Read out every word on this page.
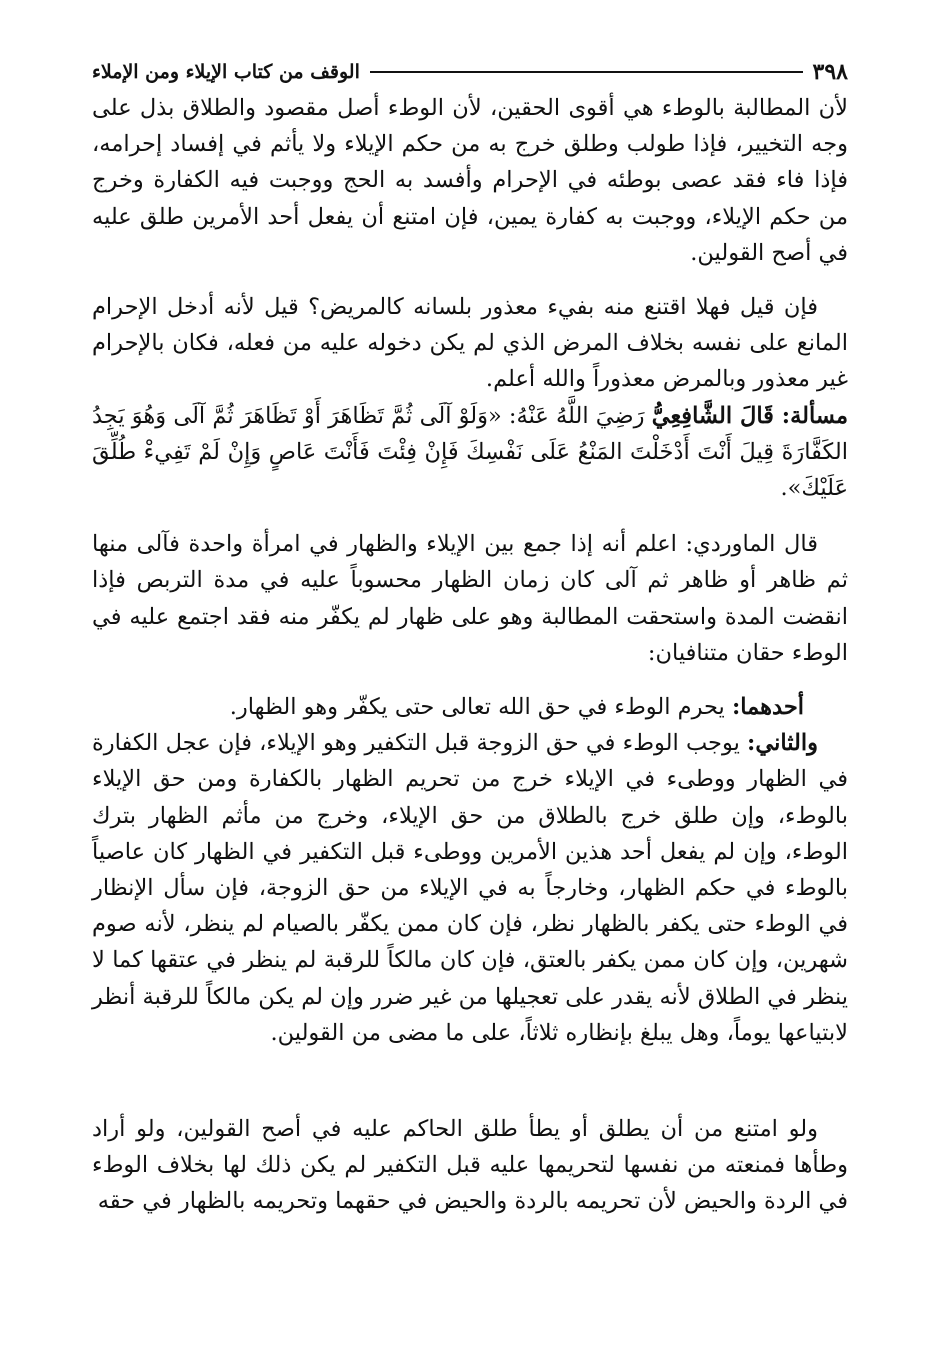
٣٩٨
الوقف من كتاب الإيلاء ومن الإملاء

لأن المطالبة بالوطء هي أقوى الحقين، لأن الوطء أصل مقصود والطلاق بذل على وجه التخيير، فإذا طولب وطلق خرج به من حكم الإيلاء ولا يأثم في إفساد إحرامه، فإذا فاء فقد عصى بوطئه في الإحرام وأفسد به الحج ووجبت فيه الكفارة وخرج من حكم الإيلاء، ووجبت به كفارة يمين، فإن امتنع أن يفعل أحد الأمرين طلق عليه في أصح القولين.

فإن قيل فهلا اقتنع منه بفيء معذور بلسانه كالمريض؟ قيل لأنه أدخل الإحرام المانع على نفسه بخلاف المرض الذي لم يكن دخوله عليه من فعله، فكان بالإحرام غير معذور وبالمرض معذوراً والله أعلم.

مسألة: قَالَ الشَّافِعِيُّ رَضِيَ اللَّهُ عَنْهُ: «وَلَوْ آلَى ثُمَّ تَظَاهَرَ أَوْ تَظَاهَرَ ثُمَّ آلَى وَهُوَ يَجِدُ الكَفَّارَةَ قِيلَ أَنْتَ أَدْخَلْتَ المَنْعُ عَلَى نَفْسِكَ فَإِنْ فِئْتَ فَأَنْتَ عَاصٍ وَإِنْ لَمْ تَفِيءْ طُلِّقَ عَلَيْكَ».

قال الماوردي: اعلم أنه إذا جمع بين الإيلاء والظهار في امرأة واحدة فآلى منها ثم ظاهر أو ظاهر ثم آلى كان زمان الظهار محسوباً عليه في مدة التربص فإذا انقضت المدة واستحقت المطالبة وهو على ظهار لم يكفّر منه فقد اجتمع عليه في الوطء حقان متنافيان:

أحدهما: يحرم الوطء في حق الله تعالى حتى يكفّر وهو الظهار.

والثاني: يوجب الوطء في حق الزوجة قبل التكفير وهو الإيلاء، فإن عجل الكفارة في الظهار ووطىء في الإيلاء خرج من تحريم الظهار بالكفارة ومن حق الإيلاء بالوطء، وإن طلق خرج بالطلاق من حق الإيلاء، وخرج من مأثم الظهار بترك الوطء، وإن لم يفعل أحد هذين الأمرين ووطىء قبل التكفير في الظهار كان عاصياً بالوطء في حكم الظهار، وخارجاً به في الإيلاء من حق الزوجة، فإن سأل الإنظار في الوطء حتى يكفر بالظهار نظر، فإن كان ممن يكفّر بالصيام لم ينظر، لأنه صوم شهرين، وإن كان ممن يكفر بالعتق، فإن كان مالكاً للرقبة لم ينظر في عتقها كما لا ينظر في الطلاق لأنه يقدر على تعجيلها من غير ضرر وإن لم يكن مالكاً للرقبة أنظر لابتياعها يوماً، وهل يبلغ بإنظاره ثلاثاً، على ما مضى من القولين.

ولو امتنع من أن يطلق أو يطأ طلق الحاكم عليه في أصح القولين، ولو أراد وطأها فمنعته من نفسها لتحريمها عليه قبل التكفير لم يكن ذلك لها بخلاف الوطء في الردة والحيض لأن تحريمه بالردة والحيض في حقهما وتحريمه بالظهار في حقه
